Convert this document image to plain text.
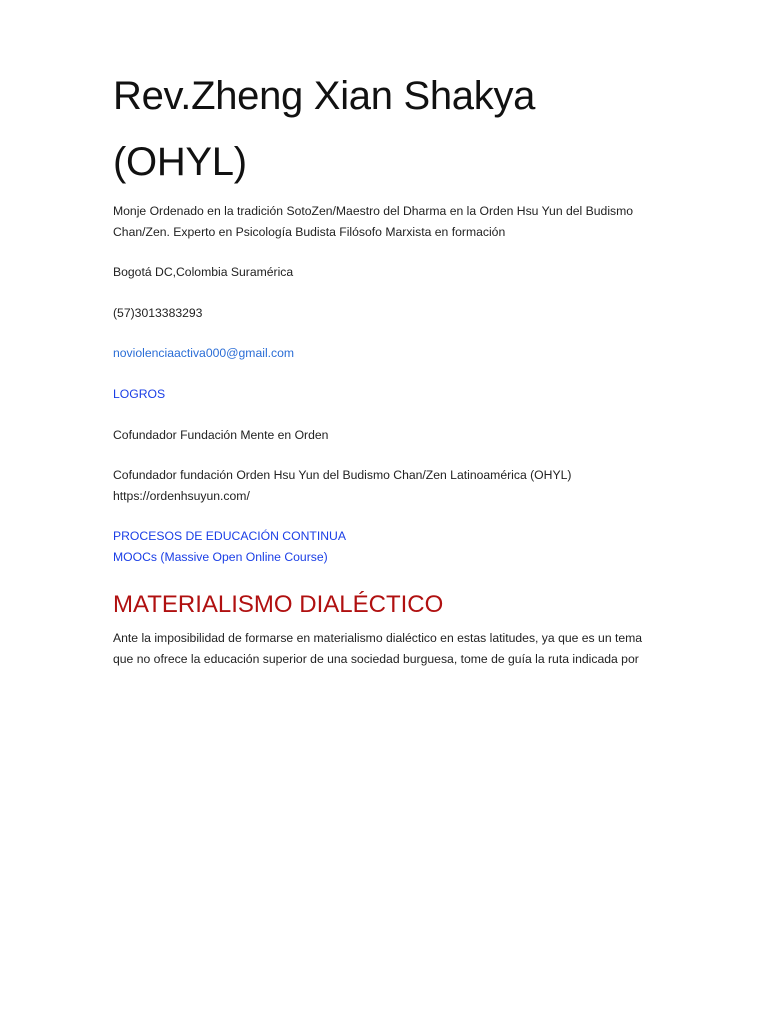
Rev.Zheng Xian Shakya (OHYL)

Monje Ordenado en la tradición SotoZen/Maestro del Dharma en la Orden Hsu Yun del Budismo Chan/Zen. Experto en Psicología Budista Filósofo Marxista en formación

Bogotá DC,Colombia Suramérica

(57)3013383293

noviolenciaactiva000@gmail.com

LOGROS

Cofundador Fundación Mente en Orden

Cofundador fundación Orden Hsu Yun del Budismo Chan/Zen Latinoamérica (OHYL)
https://ordenhsuyun.com/

PROCESOS DE EDUCACIÓN CONTINUA
MOOCs (Massive Open Online Course)

MATERIALISMO DIALÉCTICO

Ante la imposibilidad de formarse en materialismo dialéctico en estas latitudes, ya que es un tema que no ofrece la educación superior de una sociedad burguesa, tome de guía la ruta indicada por
